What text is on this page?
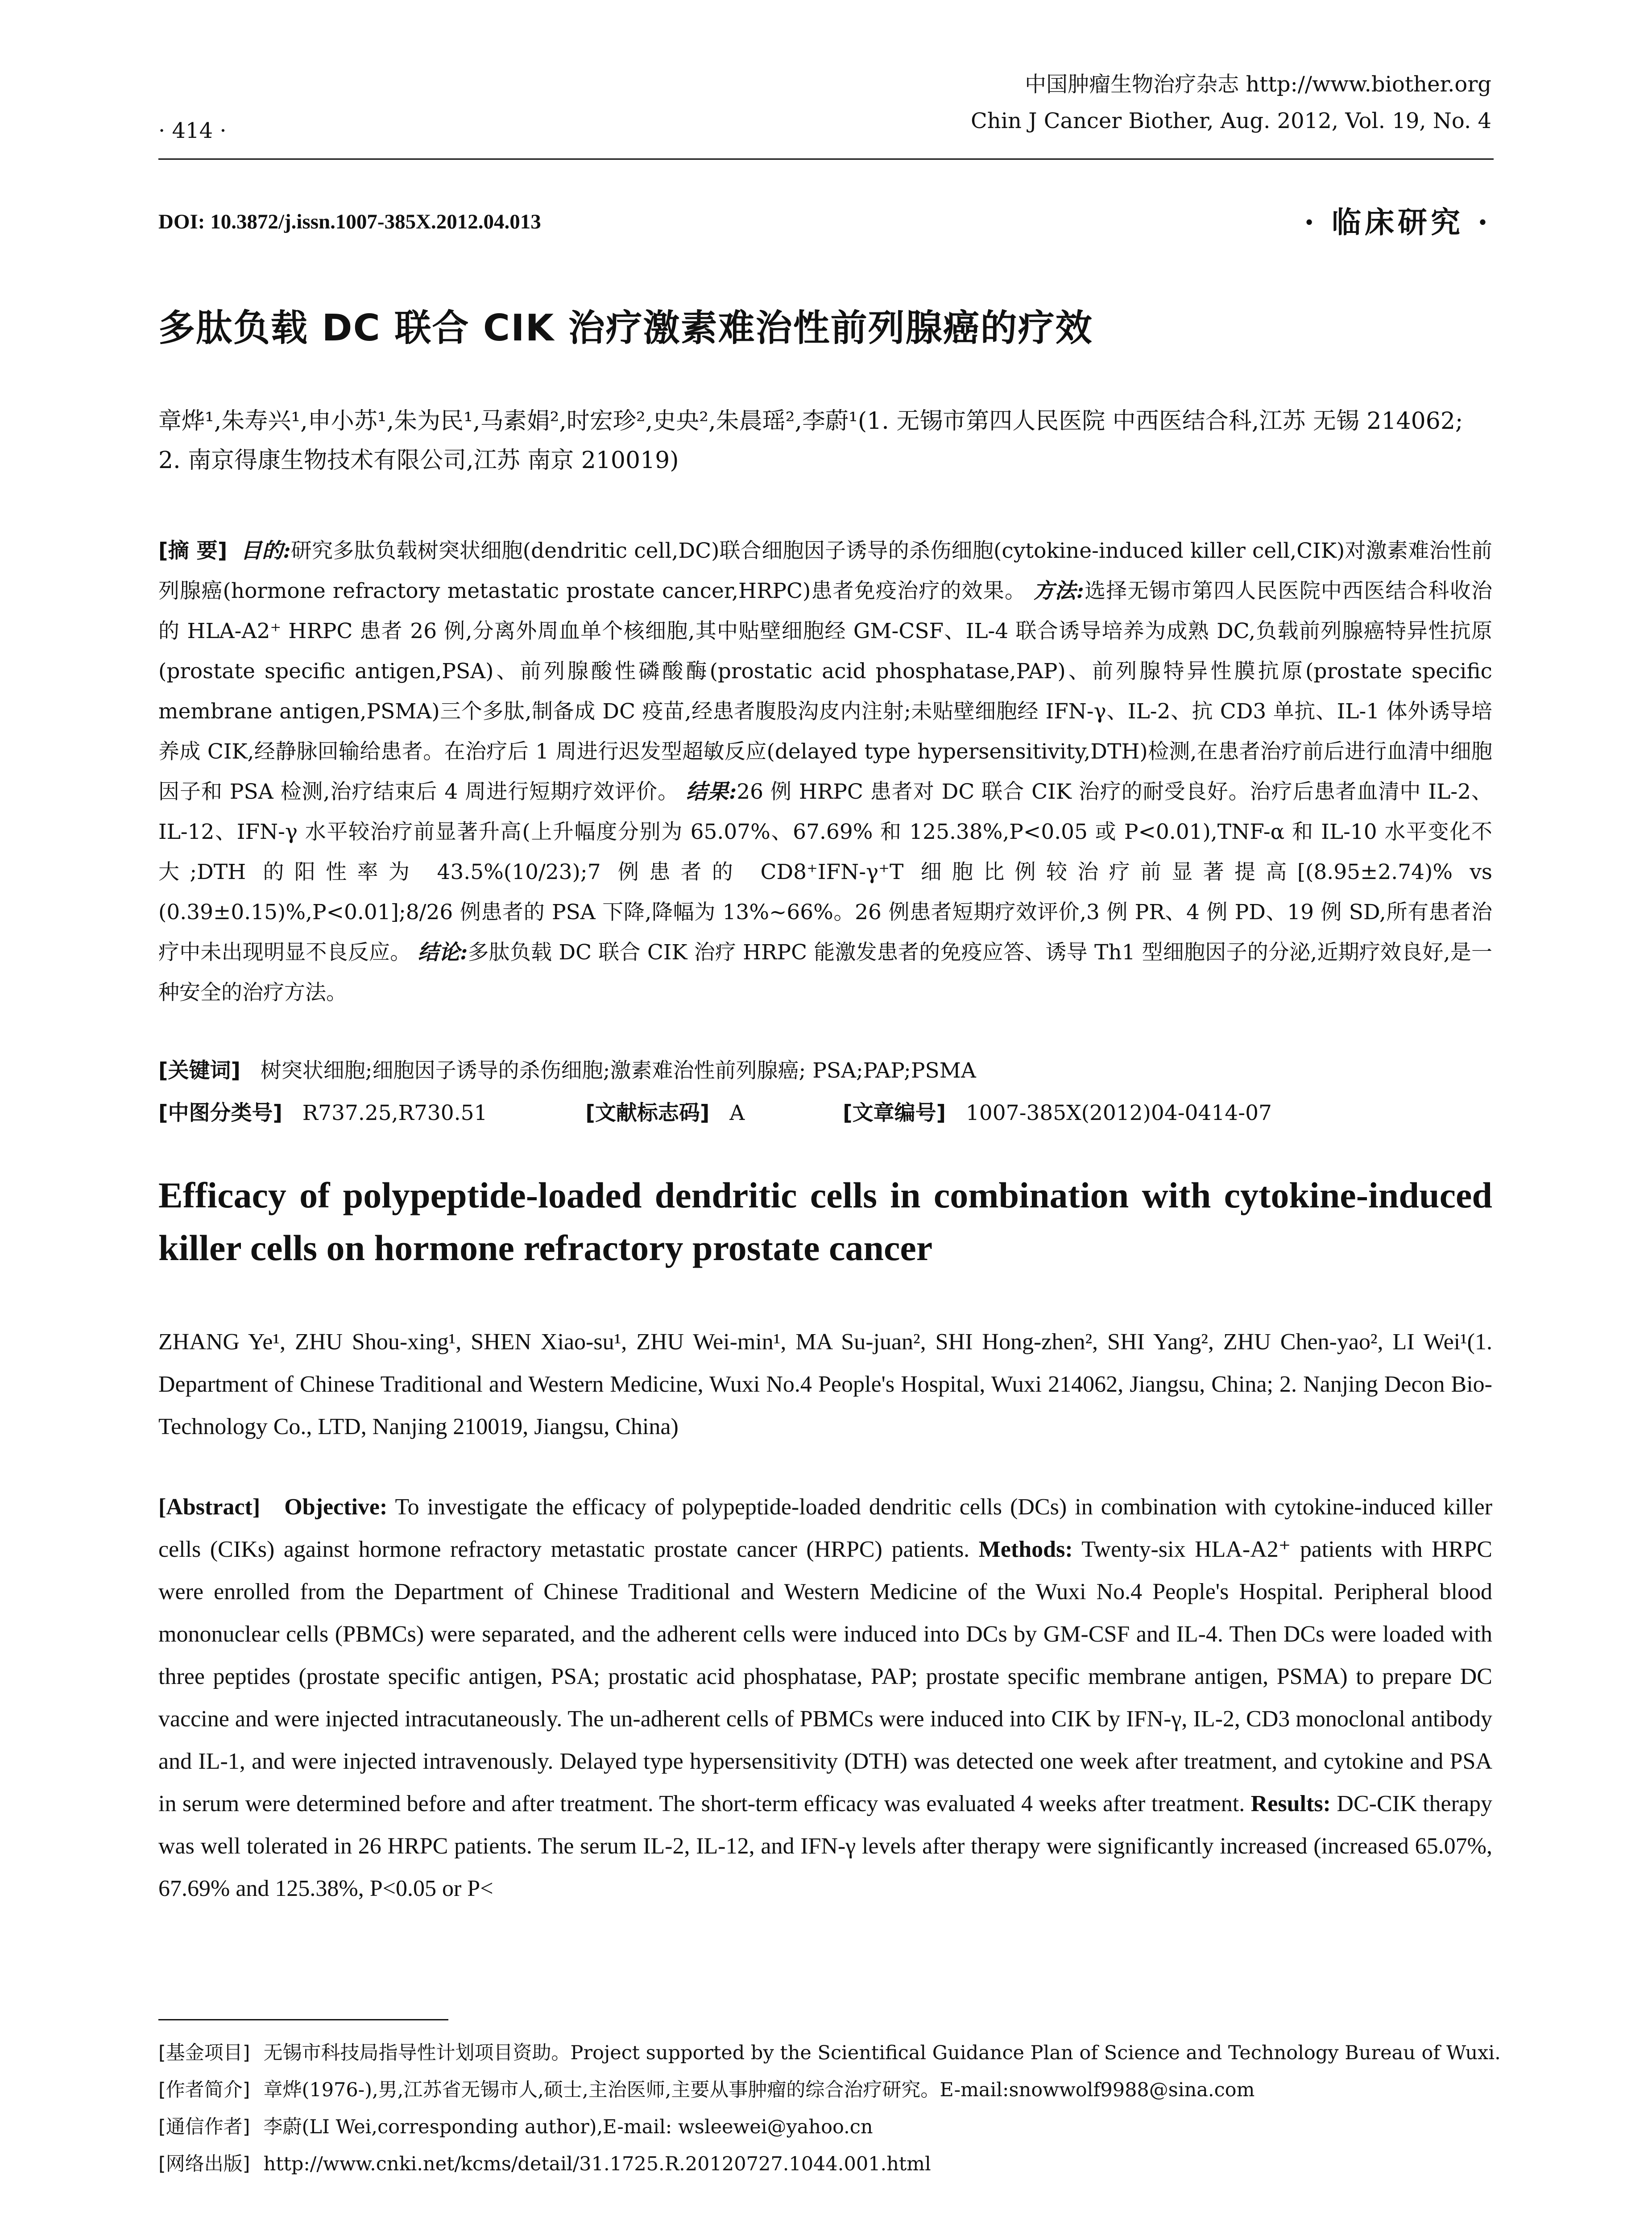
中国肿瘤生物治疗杂志 http://www.biother.org
Chin J Cancer Biother, Aug. 2012, Vol. 19, No. 4
· 414 ·
DOI: 10.3872/j.issn.1007-385X.2012.04.013	· 临床研究 ·
多肽负载 DC 联合 CIK 治疗激素难治性前列腺癌的疗效
章烨¹,朱寿兴¹,申小苏¹,朱为民¹,马素娟²,时宏珍²,史央²,朱晨瑶²,李蔚¹(1. 无锡市第四人民医院 中西医结合科,江苏 无锡 214062; 2. 南京得康生物技术有限公司,江苏 南京 210019)
[摘 要] 目的:研究多肽负载树突状细胞(dendritic cell,DC)联合细胞因子诱导的杀伤细胞(cytokine-induced killer cell,CIK)对激素难治性前列腺癌(hormone refractory metastatic prostate cancer,HRPC)患者免疫治疗的效果。 方法:选择无锡市第四人民医院中西医结合科收治的 HLA-A2⁺ HRPC 患者 26 例,分离外周血单个核细胞,其中贴壁细胞经 GM-CSF、IL-4 联合诱导培养为成熟 DC,负载前列腺癌特异性抗原(prostate specific antigen,PSA)、前列腺酸性磷酸酶(prostatic acid phosphatase,PAP)、前列腺特异性膜抗原(prostate specific membrane antigen,PSMA)三个多肽,制备成 DC 疫苗,经患者腹股沟皮内注射;未贴壁细胞经 IFN-γ、IL-2、抗 CD3 单抗、IL-1 体外诱导培养成 CIK,经静脉回输给患者。在治疗后 1 周进行迟发型超敏反应(delayed type hypersensitivity,DTH)检测,在患者治疗前后进行血清中细胞因子和 PSA 检测,治疗结束后 4 周进行短期疗效评价。 结果:26 例 HRPC 患者对 DC 联合 CIK 治疗的耐受良好。治疗后患者血清中 IL-2、IL-12、IFN-γ 水平较治疗前显著升高(上升幅度分别为 65.07%、67.69% 和 125.38%,P<0.05 或 P<0.01),TNF-α 和 IL-10 水平变化不大;DTH 的阳性率为 43.5%(10/23);7 例患者的 CD8⁺IFN-γ⁺T 细胞比例较治疗前显著提高[(8.95±2.74)% vs (0.39±0.15)%,P<0.01];8/26 例患者的 PSA 下降,降幅为 13%~66%。26 例患者短期疗效评价,3 例 PR、4 例 PD、19 例 SD,所有患者治疗中未出现明显不良反应。 结论:多肽负载 DC 联合 CIK 治疗 HRPC 能激发患者的免疫应答、诱导 Th1 型细胞因子的分泌,近期疗效良好,是一种安全的治疗方法。
[关键词] 树突状细胞;细胞因子诱导的杀伤细胞;激素难治性前列腺癌; PSA;PAP;PSMA
[中图分类号] R737.25,R730.51	[文献标志码] A	[文章编号] 1007-385X(2012)04-0414-07
Efficacy of polypeptide-loaded dendritic cells in combination with cytokine-induced killer cells on hormone refractory prostate cancer
ZHANG Ye¹, ZHU Shou-xing¹, SHEN Xiao-su¹, ZHU Wei-min¹, MA Su-juan², SHI Hong-zhen², SHI Yang², ZHU Chen-yao², LI Wei¹(1. Department of Chinese Traditional and Western Medicine, Wuxi No.4 People's Hospital, Wuxi 214062, Jiangsu, China; 2. Nanjing Decon Bio-Technology Co., LTD, Nanjing 210019, Jiangsu, China)
[Abstract] Objective: To investigate the efficacy of polypeptide-loaded dendritic cells (DCs) in combination with cytokine-induced killer cells (CIKs) against hormone refractory metastatic prostate cancer (HRPC) patients. Methods: Twenty-six HLA-A2⁺ patients with HRPC were enrolled from the Department of Chinese Traditional and Western Medicine of the Wuxi No.4 People's Hospital. Peripheral blood mononuclear cells (PBMCs) were separated, and the adherent cells were induced into DCs by GM-CSF and IL-4. Then DCs were loaded with three peptides (prostate specific antigen, PSA; prostatic acid phosphatase, PAP; prostate specific membrane antigen, PSMA) to prepare DC vaccine and were injected intracutaneously. The un-adherent cells of PBMCs were induced into CIK by IFN-γ, IL-2, CD3 monoclonal antibody and IL-1, and were injected intravenously. Delayed type hypersensitivity (DTH) was detected one week after treatment, and cytokine and PSA in serum were determined before and after treatment. The short-term efficacy was evaluated 4 weeks after treatment. Results: DC-CIK therapy was well tolerated in 26 HRPC patients. The serum IL-2, IL-12, and IFN-γ levels after therapy were significantly increased (increased 65.07%, 67.69% and 125.38%, P<0.05 or P<
[基金项目] 无锡市科技局指导性计划项目资助。Project supported by the Scientifical Guidance Plan of Science and Technology Bureau of Wuxi.
[作者简介] 章烨(1976-),男,江苏省无锡市人,硕士,主治医师,主要从事肿瘤的综合治疗研究。E-mail:snowwolf9988@sina.com
[通信作者] 李蔚(LI Wei,corresponding author),E-mail: wsleewei@yahoo.cn
[网络出版] http://www.cnki.net/kcms/detail/31.1725.R.20120727.1044.001.html
